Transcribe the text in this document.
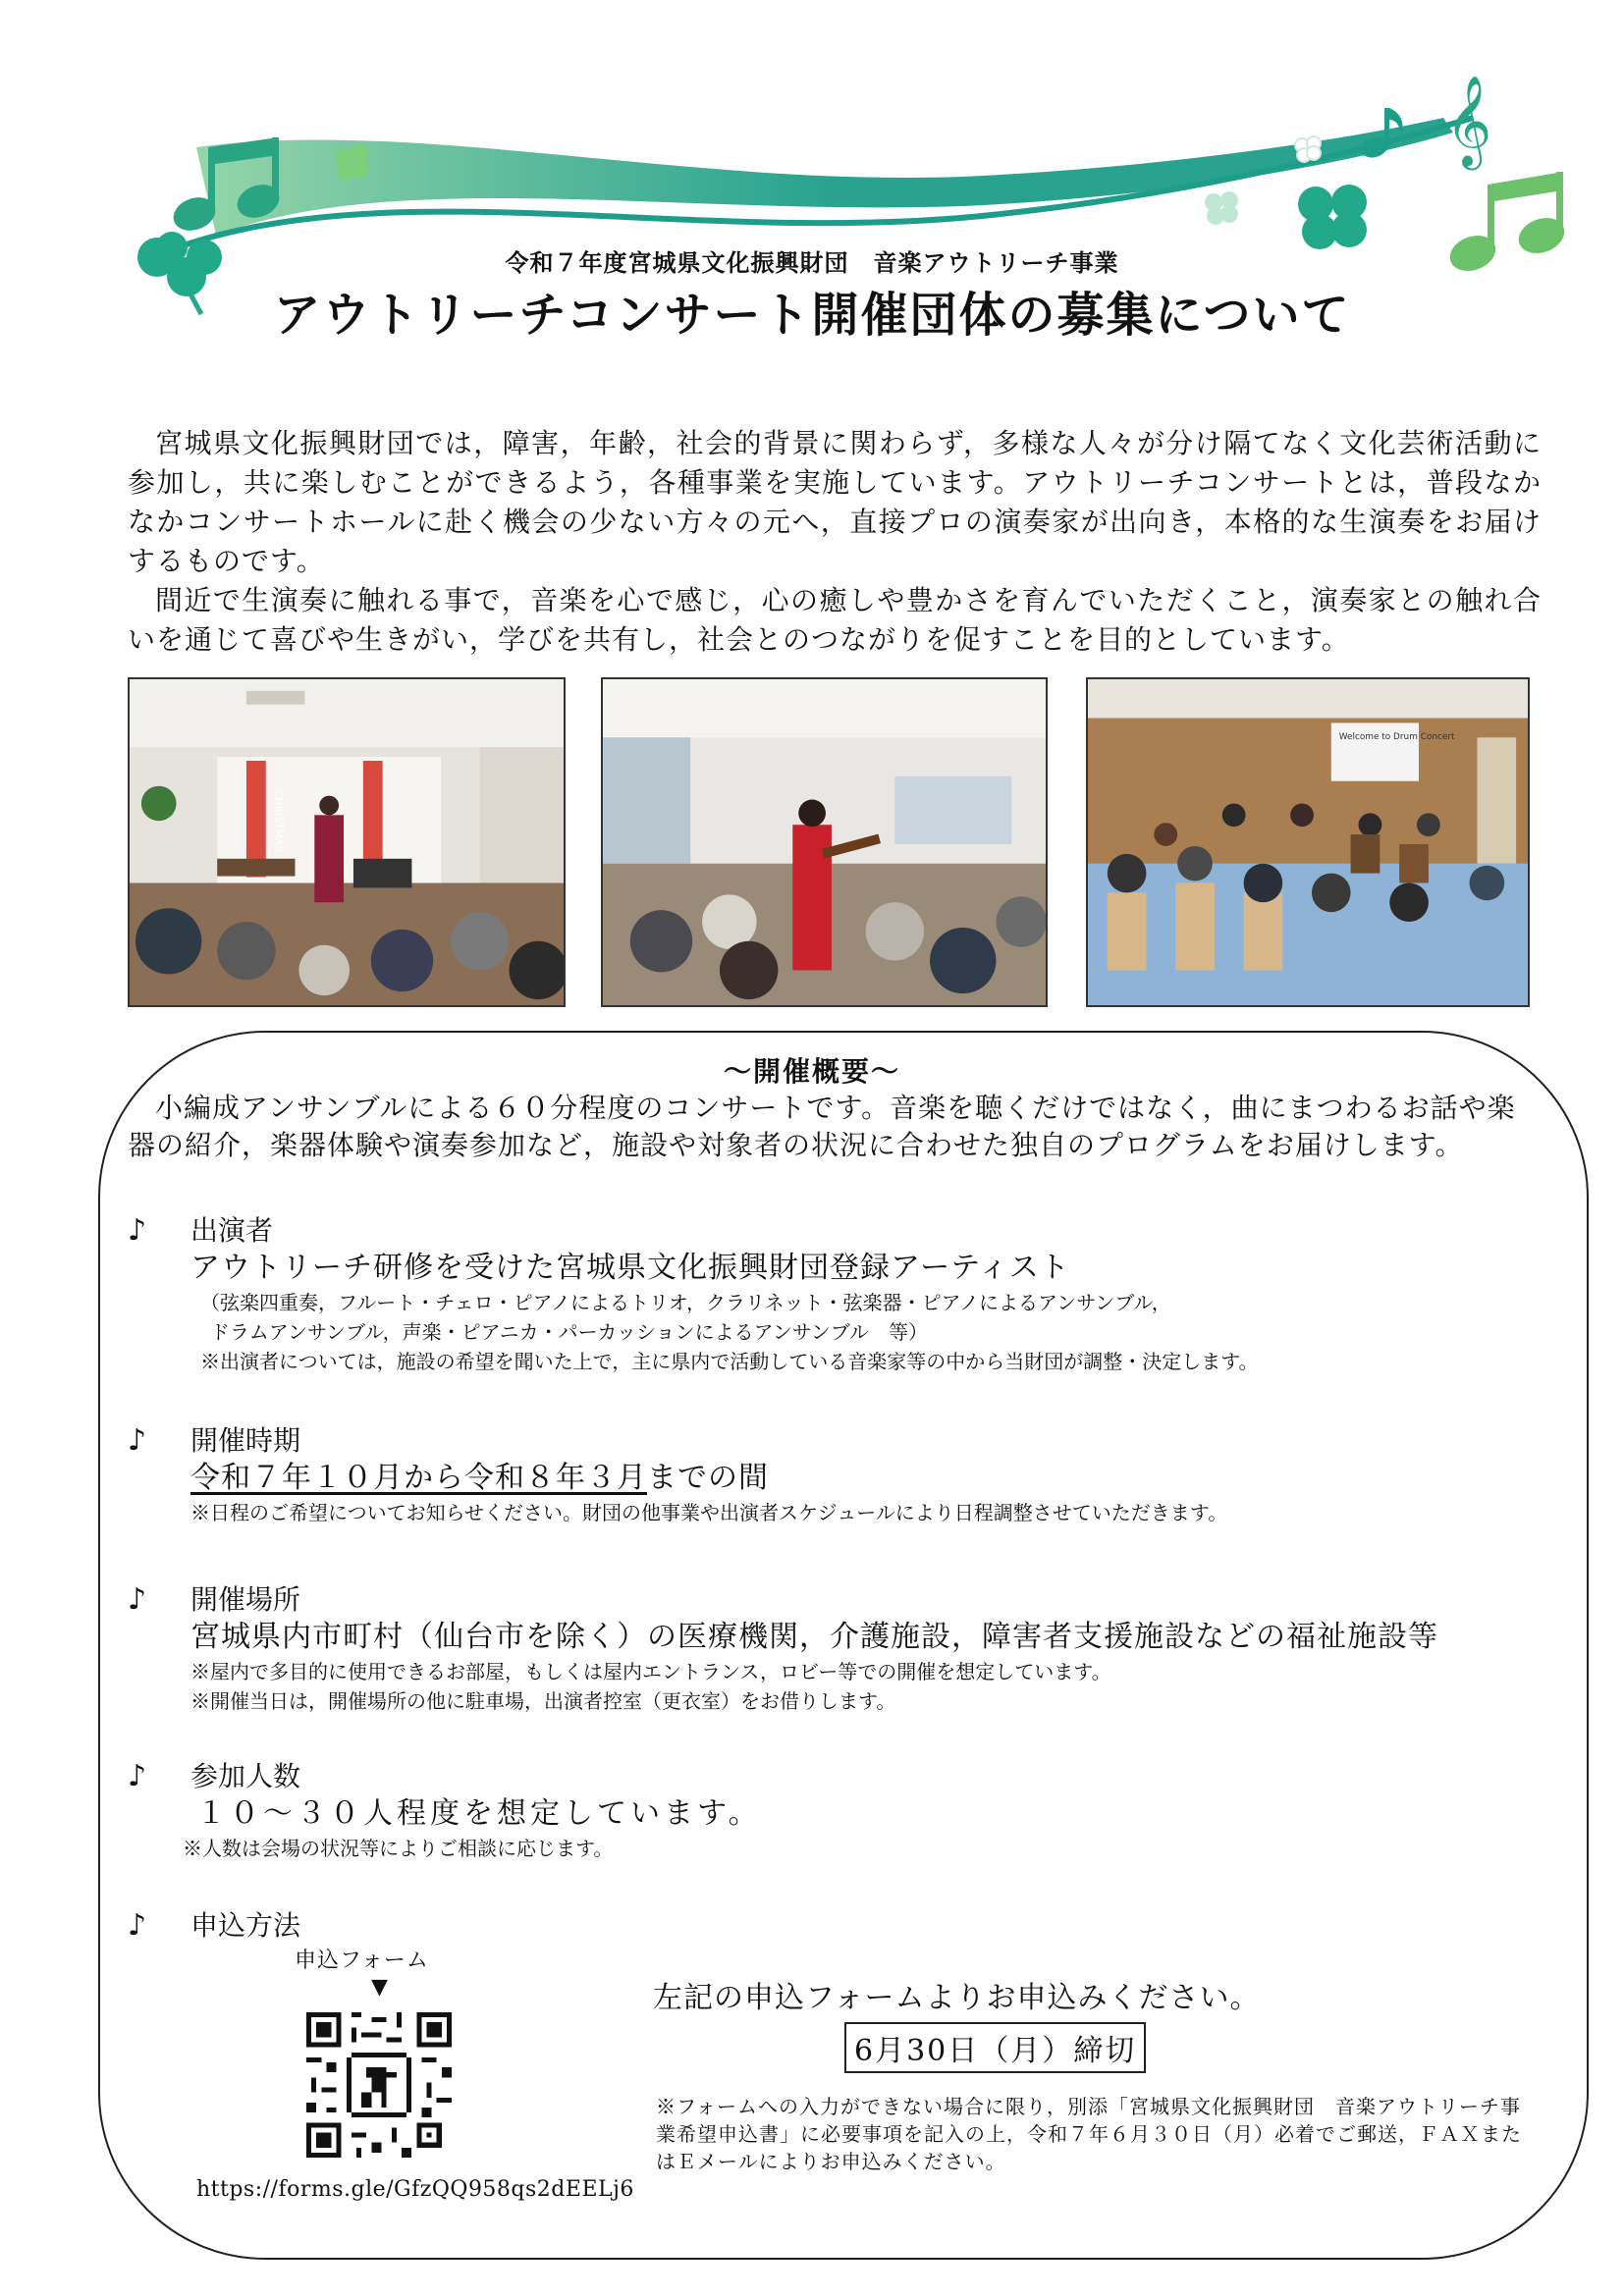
𝄞
令和７年度宮城県文化振興財団　音楽アウトリーチ事業
アウトリーチコンサート開催団体の募集について

宮城県文化振興財団では，障害，年齢，社会的背景に関わらず，多様な人々が分け隔てなく文化芸術活動に参加し，共に楽しむことができるよう，各種事業を実施しています。アウトリーチコンサートとは，普段なかなかコンサートホールに赴く機会の少ない方々の元へ，直接プロの演奏家が出向き，本格的な生演奏をお届けするものです。

間近で生演奏に触れる事で，音楽を心で感じ，心の癒しや豊かさを育んでいただくこと，演奏家との触れ合いを通じて喜びや生きがい，学びを共有し，社会とのつながりを促すことを目的としています。

CHRISTMAS
Welcome to Drum Concert
～開催概要～

小編成アンサンブルによる６０分程度のコンサートです。音楽を聴くだけではなく，曲にまつわるお話や楽器の紹介，楽器体験や演奏参加など，施設や対象者の状況に合わせた独自のプログラムをお届けします。

♪ 出演者
アウトリーチ研修を受けた宮城県文化振興財団登録アーティスト
（弦楽四重奏，フルート・チェロ・ピアノによるトリオ，クラリネット・弦楽器・ピアノによるアンサンブル，
ドラムアンサンブル，声楽・ピアニカ・パーカッションによるアンサンブル　等）
※出演者については，施設の希望を聞いた上で，主に県内で活動している音楽家等の中から当財団が調整・決定します。
♪ 開催時期
令和７年１０月から令和８年３月までの間
※日程のご希望についてお知らせください。財団の他事業や出演者スケジュールにより日程調整させていただきます。
♪ 開催場所
宮城県内市町村（仙台市を除く）の医療機関，介護施設，障害者支援施設などの福祉施設等
※屋内で多目的に使用できるお部屋，もしくは屋内エントランス，ロビー等での開催を想定しています。
※開催当日は，開催場所の他に駐車場，出演者控室（更衣室）をお借りします。
♪ 参加人数
１０～３０人程度を想定しています。
※人数は会場の状況等によりご相談に応じます。
♪ 申込方法
申込フォーム
▼
https://forms.gle/GfzQQ958qs2dEELj6
左記の申込フォームよりお申込みください。
6月30日（月）締切
※フォームへの入力ができない場合に限り，別添「宮城県文化振興財団　音楽アウトリーチ事業希望申込書」に必要事項を記入の上，令和７年６月３０日（月）必着でご郵送，ＦＡＸまたはＥメールによりお申込みください。
